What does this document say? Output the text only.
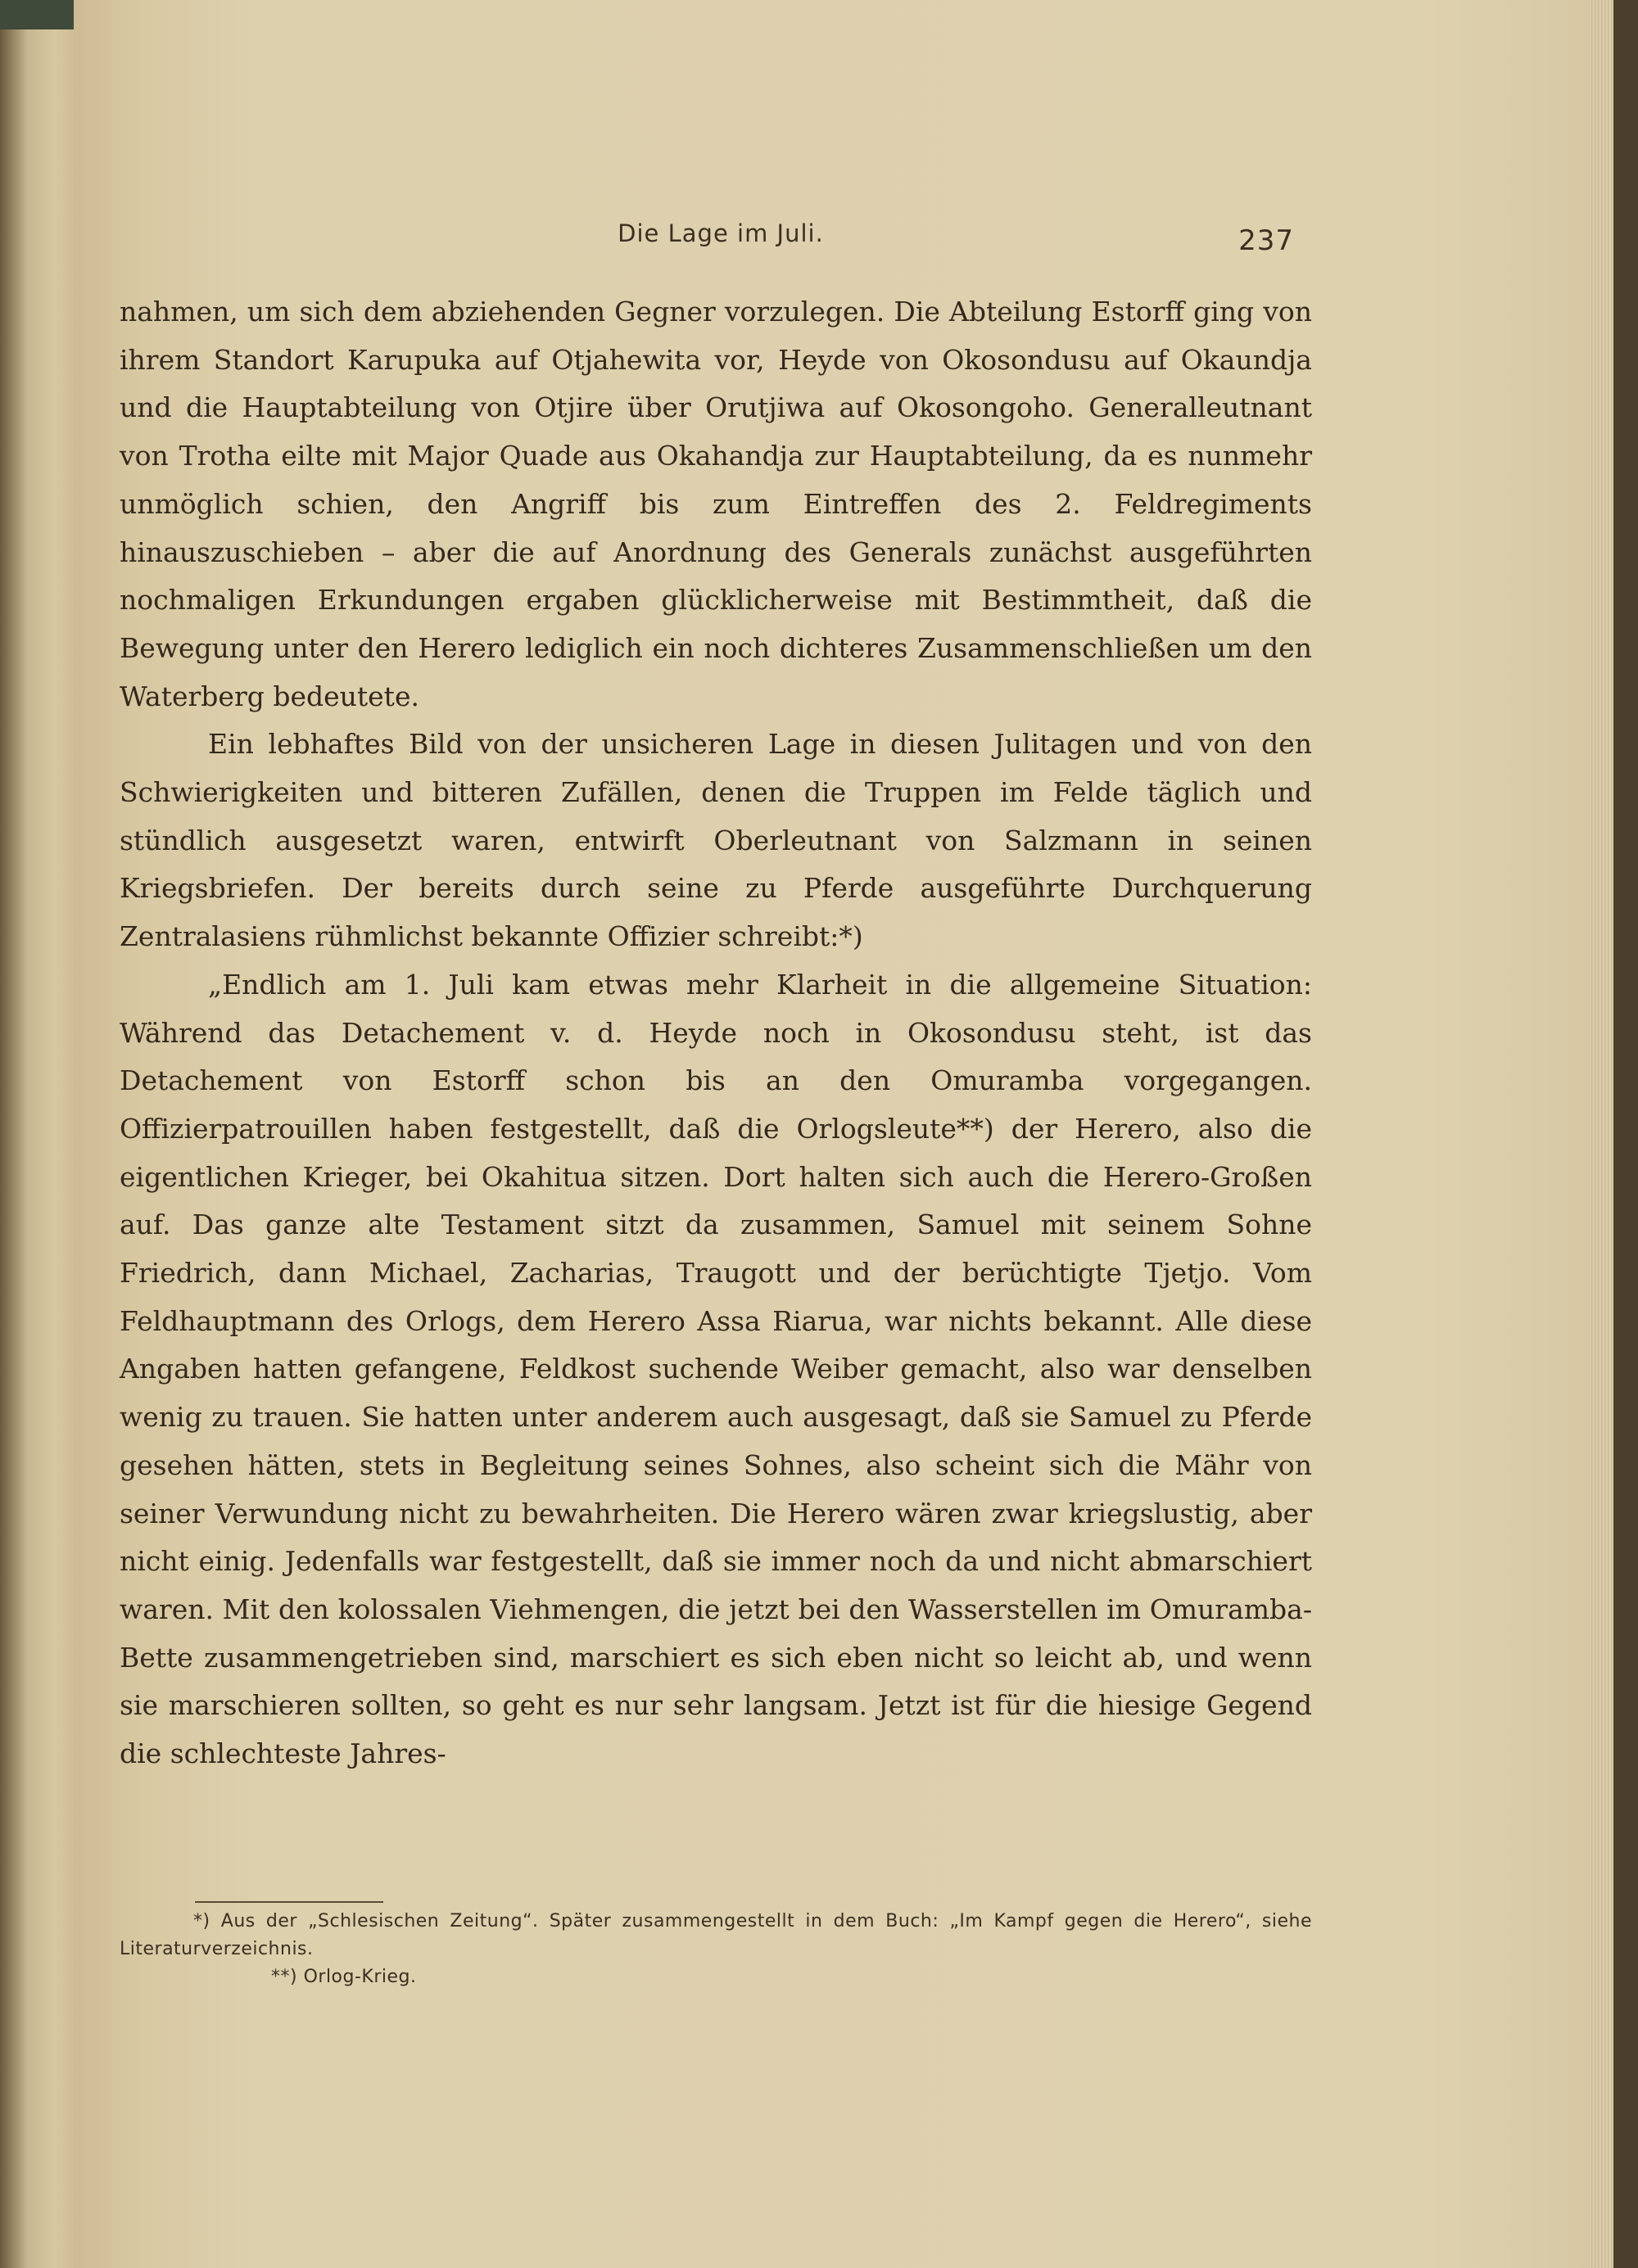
Die Lage im Juli.	237

nahmen, um sich dem abziehenden Gegner vorzulegen. Die Abteilung Estorff ging von ihrem Standort Karupuka auf Otjahewita vor, Heyde von Okosondusu auf Okaundja und die Hauptabteilung von Otjire über Orutjiwa auf Okosongoho. Generalleutnant von Trotha eilte mit Major Quade aus Okahandja zur Hauptabteilung, da es nunmehr unmöglich schien, den Angriff bis zum Eintreffen des 2. Feldregiments hinauszuschieben – aber die auf Anordnung des Generals zunächst ausgeführten nochmaligen Erkundungen ergaben glücklicherweise mit Bestimmtheit, daß die Bewegung unter den Herero lediglich ein noch dichteres Zusammenschließen um den Waterberg bedeutete.

Ein lebhaftes Bild von der unsicheren Lage in diesen Julitagen und von den Schwierigkeiten und bitteren Zufällen, denen die Truppen im Felde täglich und stündlich ausgesetzt waren, entwirft Oberleutnant von Salzmann in seinen Kriegsbriefen. Der bereits durch seine zu Pferde ausgeführte Durchquerung Zentralasiens rühmlichst bekannte Offizier schreibt:*)

„Endlich am 1. Juli kam etwas mehr Klarheit in die allgemeine Situation: Während das Detachement v. d. Heyde noch in Okosondusu steht, ist das Detachement von Estorff schon bis an den Omuramba vorgegangen. Offizierpatrouillen haben festgestellt, daß die Orlogsleute**) der Herero, also die eigentlichen Krieger, bei Okahitua sitzen. Dort halten sich auch die Herero-Großen auf. Das ganze alte Testament sitzt da zusammen, Samuel mit seinem Sohne Friedrich, dann Michael, Zacharias, Traugott und der berüchtigte Tjetjo. Vom Feldhauptmann des Orlogs, dem Herero Assa Riarua, war nichts bekannt. Alle diese Angaben hatten gefangene, Feldkost suchende Weiber gemacht, also war denselben wenig zu trauen. Sie hatten unter anderem auch ausgesagt, daß sie Samuel zu Pferde gesehen hätten, stets in Begleitung seines Sohnes, also scheint sich die Mähr von seiner Verwundung nicht zu bewahrheiten. Die Herero wären zwar kriegslustig, aber nicht einig. Jedenfalls war festgestellt, daß sie immer noch da und nicht abmarschiert waren. Mit den kolossalen Viehmengen, die jetzt bei den Wasserstellen im Omuramba-Bette zusammengetrieben sind, marschiert es sich eben nicht so leicht ab, und wenn sie marschieren sollten, so geht es nur sehr langsam. Jetzt ist für die hiesige Gegend die schlechteste Jahres-

*) Aus der „Schlesischen Zeitung“. Später zusammengestellt in dem Buch: „Im Kampf gegen die Herero“, siehe Literaturverzeichnis.

**) Orlog-Krieg.
